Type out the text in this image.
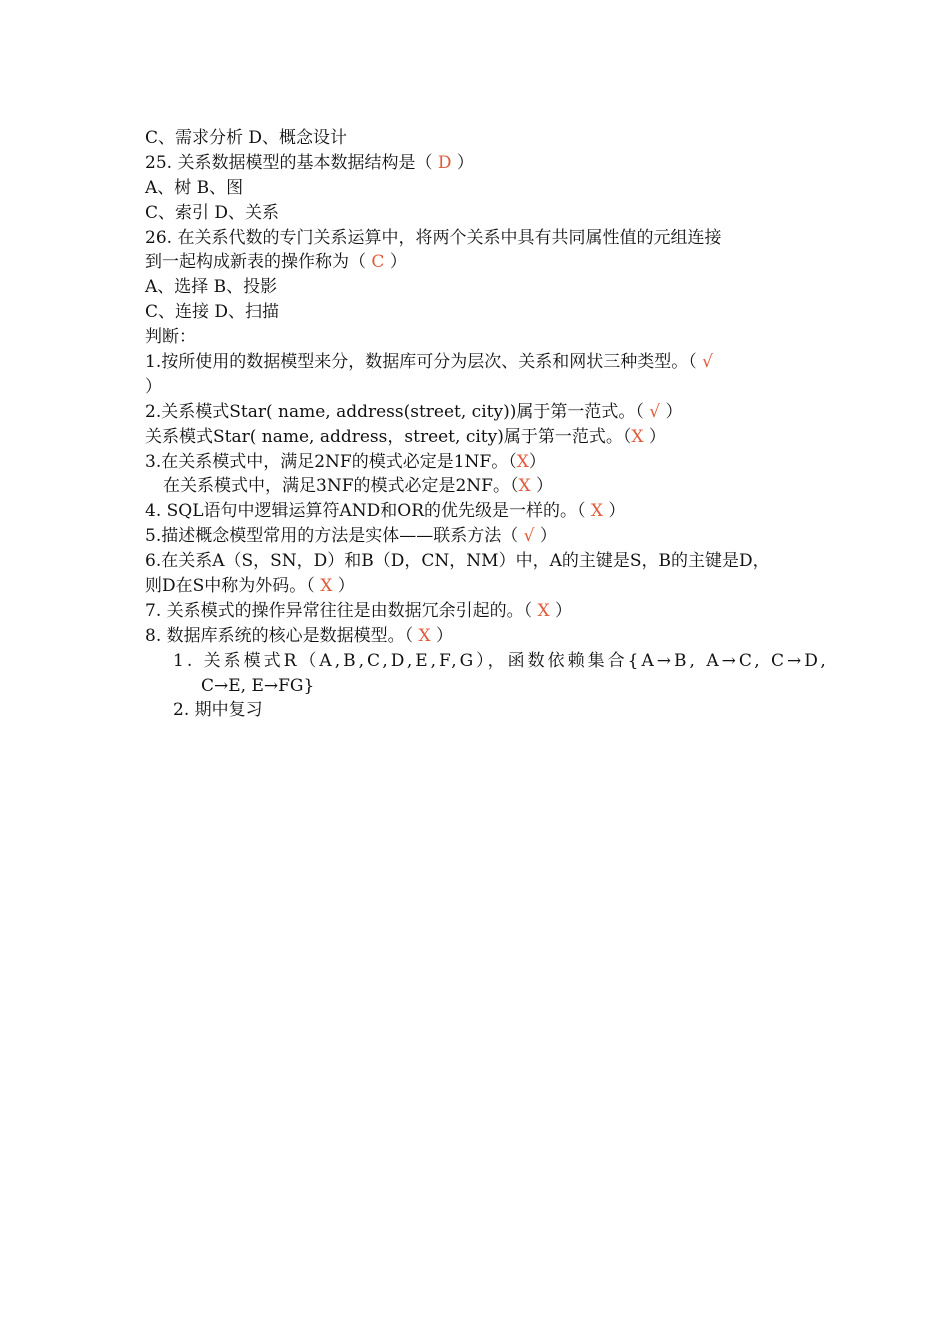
C、需求分析 D、概念设计
25. 关系数据模型的基本数据结构是（ D ）
A、树 B、图
C、索引 D、关系
26. 在关系代数的专门关系运算中，将两个关系中具有共同属性值的元组连接
到一起构成新表的操作称为（ C ）
A、选择 B、投影
C、连接 D、扫描
判断：
1.按所使用的数据模型来分，数据库可分为层次、关系和网状三种类型。（ √
）
2.关系模式Star( name, address(street, city))属于第一范式。（ √ ）
关系模式Star( name, address，street, city)属于第一范式。（X ）
3.在关系模式中，满足2NF的模式必定是1NF。（X）
在关系模式中，满足3NF的模式必定是2NF。（X ）
4. SQL语句中逻辑运算符AND和OR的优先级是一样的。（ X ）
5.描述概念模型常用的方法是实体——联系方法（ √ ）
6.在关系A（S，SN，D）和B（D，CN，NM）中，A的主键是S，B的主键是D，
则D在S中称为外码。（ X ）
7. 关系模式的操作异常往往是由数据冗余引起的。（ X ）
8. 数据库系统的核心是数据模型。（ X ）
1. 关系模式R（A,B,C,D,E,F,G），函数依赖集合{A→B, A→C, C→D,
C→E, E→FG}
2. 期中复习
